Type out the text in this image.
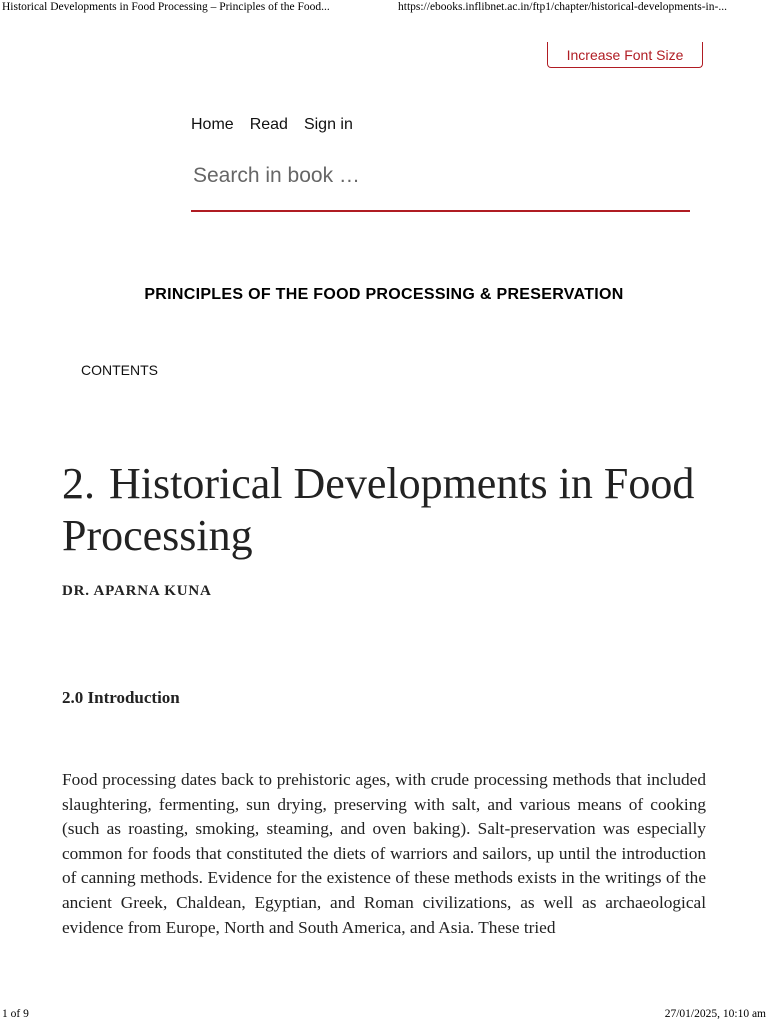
Historical Developments in Food Processing – Principles of the Food...	https://ebooks.inflibnet.ac.in/ftp1/chapter/historical-developments-in-...
Increase Font Size
Home Read Sign in
Search in book …
PRINCIPLES OF THE FOOD PROCESSING & PRESERVATION
CONTENTS
2. Historical Developments in Food Processing
DR. APARNA KUNA
2.0 Introduction

Food processing dates back to prehistoric ages, with crude processing methods that included slaughtering, fermenting, sun drying, preserving with salt, and various means of cooking (such as roasting, smoking, steaming, and oven baking). Salt-preservation was especially common for foods that constituted the diets of warriors and sailors, up until the introduction of canning methods. Evidence for the existence of these methods exists in the writings of the ancient Greek, Chaldean, Egyptian, and Roman civilizations, as well as archaeological evidence from Europe, North and South America, and Asia. These tried

1 of 9	27/01/2025, 10:10 am
